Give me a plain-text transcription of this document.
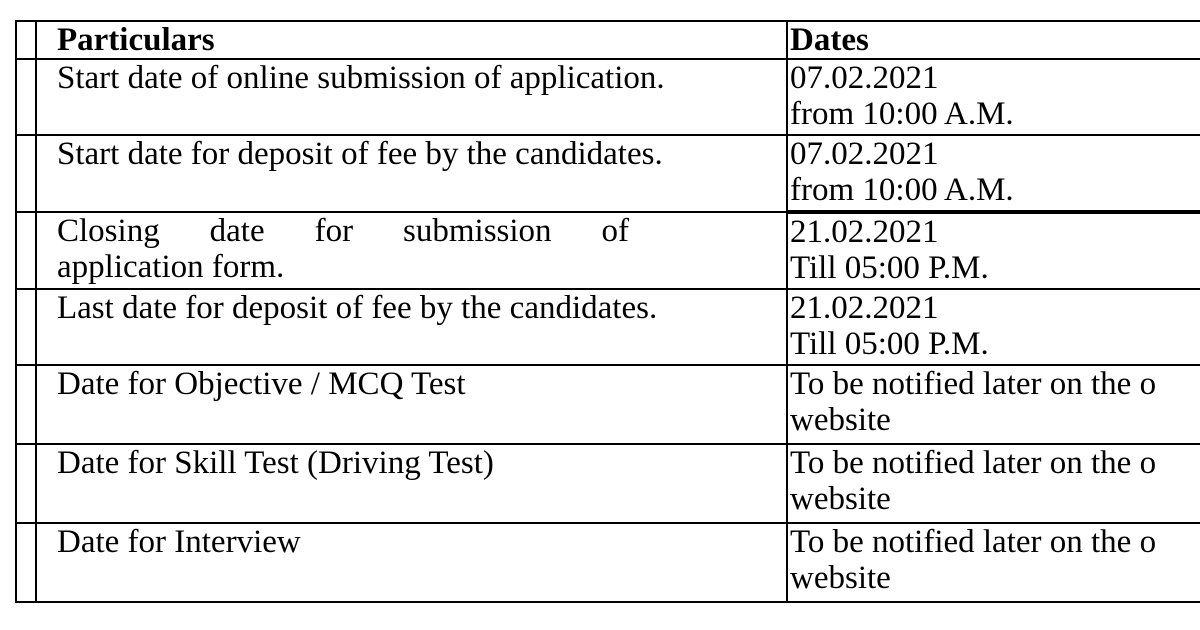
	Particulars	Dates
	Start date of online submission of application.	07.02.2021
from 10:00 A.M.

	Start date for deposit of fee by the candidates.	07.02.2021
from 10:00 A.M.

	Closing date for submission of
application form.	21.02.2021
Till 05:00 P.M.

	Last date for deposit of fee by the candidates.	21.02.2021
Till 05:00 P.M.

	Date for Objective / MCQ Test	To be notified later on the o
website

	Date for Skill Test (Driving Test)	To be notified later on the o
website

	Date for Interview	To be notified later on the o
website
